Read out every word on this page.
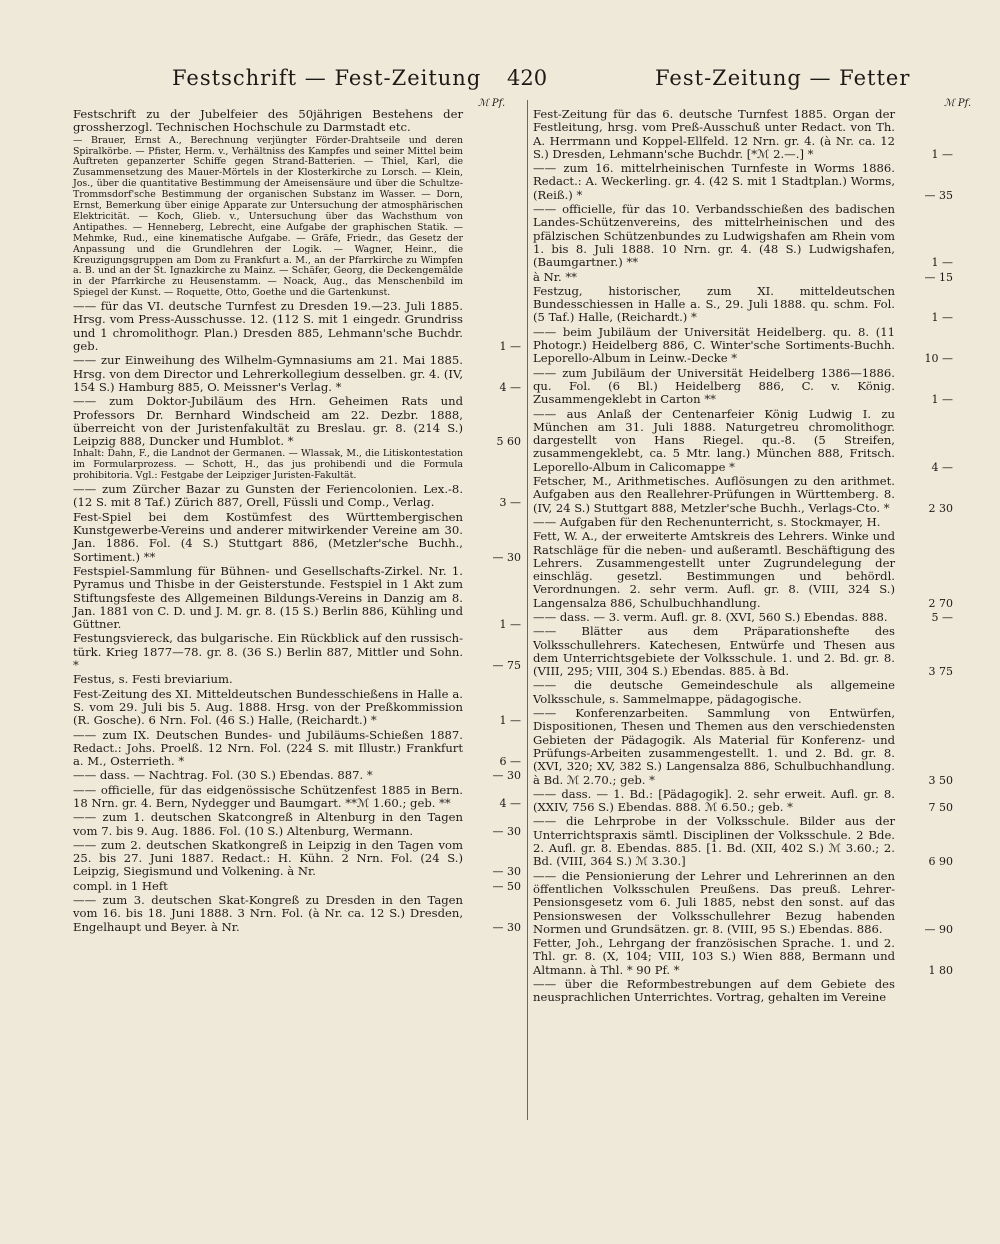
Festschrift — Fest-Zeitung 420	Fest-Zeitung — Fetter
ℳ Pf.	ℳ Pf.
Festschrift zu der Jubelfeier des 50jährigen Bestehens der grossherzogl. Technischen Hochschule zu Darmstadt etc.
— Brauer, Ernst A., Berechnung verjüngter Förder-Drahtseile und deren Spiralkörbe. — Pfister, Herm. v., Verhältniss des Kampfes und seiner Mittel beim Auftreten gepanzerter Schiffe gegen Strand-Batterien. — Thiel, Karl, die Zusammensetzung des Mauer-Mörtels in der Klosterkirche zu Lorsch. — Klein, Jos., über die quantitative Bestimmung der Ameisensäure und über die Schultze-Trommsdorf'sche Bestimmung der organischen Substanz im Wasser. — Dorn, Ernst, Bemerkung über einige Apparate zur Untersuchung der atmosphärischen Elektricität. — Koch, Glieb. v., Untersuchung über das Wachsthum von Antipathes. — Henneberg, Lebrecht, eine Aufgabe der graphischen Statik. — Mehmke, Rud., eine kinematische Aufgabe. — Gräfe, Friedr., das Gesetz der Anpassung und die Grundlehren der Logik. — Wagner, Heinr., die Kreuzigungsgruppen am Dom zu Frankfurt a. M., an der Pfarrkirche zu Wimpfen a. B. und an der St. Ignazkirche zu Mainz. — Schäfer, Georg, die Deckengemälde in der Pfarrkirche zu Heusenstamm. — Noack, Aug., das Menschenbild im Spiegel der Kunst. — Roquette, Otto, Goethe und die Gartenkunst.
—— für das VI. deutsche Turnfest zu Dresden 19.—23. Juli 1885. Hrsg. vom Press-Ausschusse. 12. (112 S. mit 1 eingedr. Grundriss und 1 chromolithogr. Plan.) Dresden 885, Lehmann'sche Buchdr. geb.	1 —
—— zur Einweihung des Wilhelm-Gymnasiums am 21. Mai 1885. Hrsg. von dem Director und Lehrerkollegium desselben. gr. 4. (IV, 154 S.) Hamburg 885, O. Meissner's Verlag. *	4 —
—— zum Doktor-Jubiläum des Hrn. Geheimen Rats und Professors Dr. Bernhard Windscheid am 22. Dezbr. 1888, überreicht von der Juristenfakultät zu Breslau. gr. 8. (214 S.) Leipzig 888, Duncker und Humblot. *	5 60
Inhalt: Dahn, F., die Landnot der Germanen. — Wlassak, M., die Litiskontestation im Formularprozess. — Schott, H., das jus prohibendi und die Formula prohibitoria. Vgl.: Festgabe der Leipziger Juristen-Fakultät.
—— zum Zürcher Bazar zu Gunsten der Feriencolonien. Lex.-8. (12 S. mit 8 Taf.) Zürich 887, Orell, Füssli und Comp., Verlag.	3 —
Fest-Spiel bei dem Kostümfest des Württembergischen Kunstgewerbe-Vereins und anderer mitwirkender Vereine am 30. Jan. 1886. Fol. (4 S.) Stuttgart 886, (Metzler'sche Buchh., Sortiment.) **	— 30
Festspiel-Sammlung für Bühnen- und Gesellschafts-Zirkel. Nr. 1. Pyramus und Thisbe in der Geisterstunde. Festspiel in 1 Akt zum Stiftungsfeste des Allgemeinen Bildungs-Vereins in Danzig am 8. Jan. 1881 von C. D. und J. M. gr. 8. (15 S.) Berlin 886, Kühling und Güttner.	1 —
Festungsviereck, das bulgarische. Ein Rückblick auf den russisch-türk. Krieg 1877—78. gr. 8. (36 S.) Berlin 887, Mittler und Sohn. *	— 75
Festus, s. Festi breviarium.
Fest-Zeitung des XI. Mitteldeutschen Bundesschießens in Halle a. S. vom 29. Juli bis 5. Aug. 1888. Hrsg. von der Preßkommission (R. Gosche). 6 Nrn. Fol. (46 S.) Halle, (Reichardt.) *	1 —
—— zum IX. Deutschen Bundes- und Jubiläums-Schießen 1887. Redact.: Johs. Proelß. 12 Nrn. Fol. (224 S. mit Illustr.) Frankfurt a. M., Osterrieth. *	6 —
—— dass. — Nachtrag. Fol. (30 S.) Ebendas. 887. *	— 30
—— officielle, für das eidgenössische Schützenfest 1885 in Bern. 18 Nrn. gr. 4. Bern, Nydegger und Baumgart. **ℳ 1.60.; geb. **	4 —
—— zum 1. deutschen Skatcongreß in Altenburg in den Tagen vom 7. bis 9. Aug. 1886. Fol. (10 S.) Altenburg, Wermann.	— 30
—— zum 2. deutschen Skatkongreß in Leipzig in den Tagen vom 25. bis 27. Juni 1887. Redact.: H. Kühn. 2 Nrn. Fol. (24 S.) Leipzig, Siegismund und Volkening. à Nr.	— 30
compl. in 1 Heft	— 50
—— zum 3. deutschen Skat-Kongreß zu Dresden in den Tagen vom 16. bis 18. Juni 1888. 3 Nrn. Fol. (à Nr. ca. 12 S.) Dresden, Engelhaupt und Beyer. à Nr.	— 30
Fest-Zeitung für das 6. deutsche Turnfest 1885. Organ der Festleitung, hrsg. vom Preß-Ausschuß unter Redact. von Th. A. Herrmann und Koppel-Ellfeld. 12 Nrn. gr. 4. (à Nr. ca. 12 S.) Dresden, Lehmann'sche Buchdr. [*ℳ 2.—.] *	1 —
—— zum 16. mittelrheinischen Turnfeste in Worms 1886. Redact.: A. Weckerling. gr. 4. (42 S. mit 1 Stadtplan.) Worms, (Reiß.) *	— 35
—— officielle, für das 10. Verbandsschießen des badischen Landes-Schützenvereins, des mittelrheinischen und des pfälzischen Schützenbundes zu Ludwigshafen am Rhein vom 1. bis 8. Juli 1888. 10 Nrn. gr. 4. (48 S.) Ludwigshafen, (Baumgartner.) **	1 —
à Nr. **	— 15
Festzug, historischer, zum XI. mitteldeutschen Bundesschiessen in Halle a. S., 29. Juli 1888. qu. schm. Fol. (5 Taf.) Halle, (Reichardt.) *	1 —
—— beim Jubiläum der Universität Heidelberg. qu. 8. (11 Photogr.) Heidelberg 886, C. Winter'sche Sortiments-Buchh. Leporello-Album in Leinw.-Decke *	10 —
—— zum Jubiläum der Universität Heidelberg 1386—1886. qu. Fol. (6 Bl.) Heidelberg 886, C. v. König. Zusammengeklebt in Carton **	1 —
—— aus Anlaß der Centenarfeier König Ludwig I. zu München am 31. Juli 1888. Naturgetreu chromolithogr. dargestellt von Hans Riegel. qu.-8. (5 Streifen, zusammengeklebt, ca. 5 Mtr. lang.) München 888, Fritsch. Leporello-Album in Calicomappe *	4 —
Fetscher, M., Arithmetisches. Auflösungen zu den arithmet. Aufgaben aus den Reallehrer-Prüfungen in Württemberg. 8. (IV, 24 S.) Stuttgart 888, Metzler'sche Buchh., Verlags-Cto. *	2 30
—— Aufgaben für den Rechenunterricht, s. Stockmayer, H.
Fett, W. A., der erweiterte Amtskreis des Lehrers. Winke und Ratschläge für die neben- und außeramtl. Beschäftigung des Lehrers. Zusammengestellt unter Zugrundelegung der einschläg. gesetzl. Bestimmungen und behördl. Verordnungen. 2. sehr verm. Aufl. gr. 8. (VIII, 324 S.) Langensalza 886, Schulbuchhandlung.	2 70
—— dass. — 3. verm. Aufl. gr. 8. (XVI, 560 S.) Ebendas. 888.	5 —
—— Blätter aus dem Präparationshefte des Volksschullehrers. Katechesen, Entwürfe und Thesen aus dem Unterrichtsgebiete der Volksschule. 1. und 2. Bd. gr. 8. (VIII, 295; VIII, 304 S.) Ebendas. 885. à Bd.	3 75
—— die deutsche Gemeindeschule als allgemeine Volksschule, s. Sammelmappe, pädagogische.
—— Konferenzarbeiten. Sammlung von Entwürfen, Dispositionen, Thesen und Themen aus den verschiedensten Gebieten der Pädagogik. Als Material für Konferenz- und Prüfungs-Arbeiten zusammengestellt. 1. und 2. Bd. gr. 8. (XVI, 320; XV, 382 S.) Langensalza 886, Schulbuchhandlung. à Bd. ℳ 2.70.; geb. *	3 50
—— dass. — 1. Bd.: [Pädagogik]. 2. sehr erweit. Aufl. gr. 8. (XXIV, 756 S.) Ebendas. 888. ℳ 6.50.; geb. *	7 50
—— die Lehrprobe in der Volksschule. Bilder aus der Unterrichtspraxis sämtl. Disciplinen der Volksschule. 2 Bde. 2. Aufl. gr. 8. Ebendas. 885. [1. Bd. (XII, 402 S.) ℳ 3.60.; 2. Bd. (VIII, 364 S.) ℳ 3.30.]	6 90
—— die Pensionierung der Lehrer und Lehrerinnen an den öffentlichen Volksschulen Preußens. Das preuß. Lehrer-Pensionsgesetz vom 6. Juli 1885, nebst den sonst. auf das Pensionswesen der Volksschullehrer Bezug habenden Normen und Grundsätzen. gr. 8. (VIII, 95 S.) Ebendas. 886.	— 90
Fetter, Joh., Lehrgang der französischen Sprache. 1. und 2. Thl. gr. 8. (X, 104; VIII, 103 S.) Wien 888, Bermann und Altmann. à Thl. * 90 Pf. *	1 80
—— über die Reformbestrebungen auf dem Gebiete des neusprachlichen Unterrichtes. Vortrag, gehalten im Vereine
